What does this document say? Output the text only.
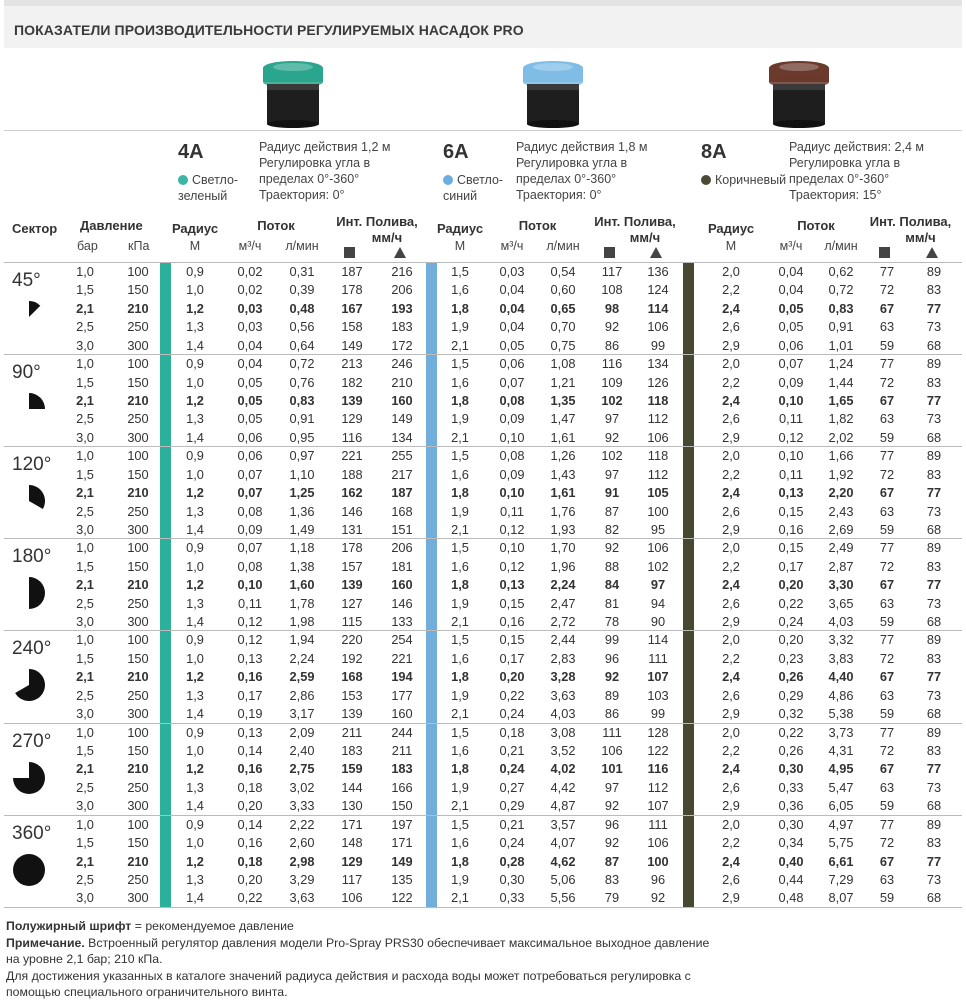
ПОКАЗАТЕЛИ ПРОИЗВОДИТЕЛЬНОСТИ РЕГУЛИРУЕМЫХ НАСАДОК PRO
4A
Светло-
зеленый
Радиус действия 1,2 м
Регулировка угла в
пределах 0°-360°
Траектория: 0°
6A
Светло-
синий
Радиус действия 1,8 м
Регулировка угла в
пределах 0°-360°
Траектория: 0°
8A
Коричневый
Радиус действия: 2,4 м
Регулировка угла в
пределах 0°-360°
Траектория: 15°
Сектор Давление
бар кПа
Радиус
М
Поток
м³/ч	л/мин
Инт. Полива,
мм/ч
Радиус
М
Поток
м³/ч	л/мин
Инт. Полива,
мм/ч
Радиус
М
Поток
м³/ч	л/мин
Инт. Полива,
мм/ч
45°	1,0	100	0,9	0,02	0,31	187	216	1,5	0,03	0,54	117	136	2,0	0,04	0,62	77	89
1,5	150	1,0	0,02	0,39	178	206	1,6	0,04	0,60	108	124	2,2	0,04	0,72	72	83
2,1	210	1,2	0,03	0,48	167	193	1,8	0,04	0,65	98	114	2,4	0,05	0,83	67	77
2,5	250	1,3	0,03	0,56	158	183	1,9	0,04	0,70	92	106	2,6	0,05	0,91	63	73
3,0	300	1,4	0,04	0,64	149	172	2,1	0,05	0,75	86	99	2,9	0,06	1,01	59	68
90°	1,0	100	0,9	0,04	0,72	213	246	1,5	0,06	1,08	116	134	2,0	0,07	1,24	77	89
1,5	150	1,0	0,05	0,76	182	210	1,6	0,07	1,21	109	126	2,2	0,09	1,44	72	83
2,1	210	1,2	0,05	0,83	139	160	1,8	0,08	1,35	102	118	2,4	0,10	1,65	67	77
2,5	250	1,3	0,05	0,91	129	149	1,9	0,09	1,47	97	112	2,6	0,11	1,82	63	73
3,0	300	1,4	0,06	0,95	116	134	2,1	0,10	1,61	92	106	2,9	0,12	2,02	59	68
120°	1,0	100	0,9	0,06	0,97	221	255	1,5	0,08	1,26	102	118	2,0	0,10	1,66	77	89
1,5	150	1,0	0,07	1,10	188	217	1,6	0,09	1,43	97	112	2,2	0,11	1,92	72	83
2,1	210	1,2	0,07	1,25	162	187	1,8	0,10	1,61	91	105	2,4	0,13	2,20	67	77
2,5	250	1,3	0,08	1,36	146	168	1,9	0,11	1,76	87	100	2,6	0,15	2,43	63	73
3,0	300	1,4	0,09	1,49	131	151	2,1	0,12	1,93	82	95	2,9	0,16	2,69	59	68
180°	1,0	100	0,9	0,07	1,18	178	206	1,5	0,10	1,70	92	106	2,0	0,15	2,49	77	89
1,5	150	1,0	0,08	1,38	157	181	1,6	0,12	1,96	88	102	2,2	0,17	2,87	72	83
2,1	210	1,2	0,10	1,60	139	160	1,8	0,13	2,24	84	97	2,4	0,20	3,30	67	77
2,5	250	1,3	0,11	1,78	127	146	1,9	0,15	2,47	81	94	2,6	0,22	3,65	63	73
3,0	300	1,4	0,12	1,98	115	133	2,1	0,16	2,72	78	90	2,9	0,24	4,03	59	68
240°	1,0	100	0,9	0,12	1,94	220	254	1,5	0,15	2,44	99	114	2,0	0,20	3,32	77	89
1,5	150	1,0	0,13	2,24	192	221	1,6	0,17	2,83	96	111	2,2	0,23	3,83	72	83
2,1	210	1,2	0,16	2,59	168	194	1,8	0,20	3,28	92	107	2,4	0,26	4,40	67	77
2,5	250	1,3	0,17	2,86	153	177	1,9	0,22	3,63	89	103	2,6	0,29	4,86	63	73
3,0	300	1,4	0,19	3,17	139	160	2,1	0,24	4,03	86	99	2,9	0,32	5,38	59	68
270°	1,0	100	0,9	0,13	2,09	211	244	1,5	0,18	3,08	111	128	2,0	0,22	3,73	77	89
1,5	150	1,0	0,14	2,40	183	211	1,6	0,21	3,52	106	122	2,2	0,26	4,31	72	83
2,1	210	1,2	0,16	2,75	159	183	1,8	0,24	4,02	101	116	2,4	0,30	4,95	67	77
2,5	250	1,3	0,18	3,02	144	166	1,9	0,27	4,42	97	112	2,6	0,33	5,47	63	73
3,0	300	1,4	0,20	3,33	130	150	2,1	0,29	4,87	92	107	2,9	0,36	6,05	59	68
360°	1,0	100	0,9	0,14	2,22	171	197	1,5	0,21	3,57	96	111	2,0	0,30	4,97	77	89
1,5	150	1,0	0,16	2,60	148	171	1,6	0,24	4,07	92	106	2,2	0,34	5,75	72	83
2,1	210	1,2	0,18	2,98	129	149	1,8	0,28	4,62	87	100	2,4	0,40	6,61	67	77
2,5	250	1,3	0,20	3,29	117	135	1,9	0,30	5,06	83	96	2,6	0,44	7,29	63	73
3,0	300	1,4	0,22	3,63	106	122	2,1	0,33	5,56	79	92	2,9	0,48	8,07	59	68
Полужирный шрифт = рекомендуемое давление
Примечание. Встроенный регулятор давления модели Pro-Spray PRS30 обеспечивает максимальное выходное давление
на уровне 2,1 бар; 210 кПа.
Для достижения указанных в каталоге значений радиуса действия и расхода воды может потребоваться регулировка с
помощью специального ограничительного винта.
